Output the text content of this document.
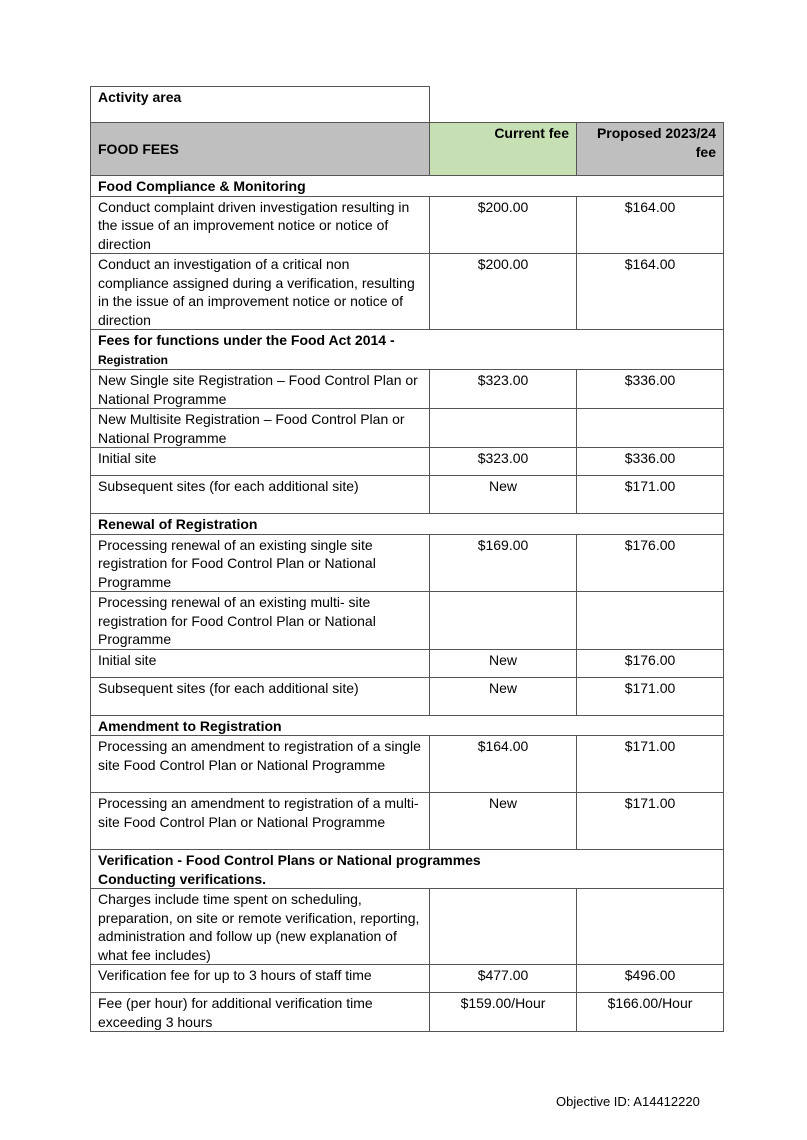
Activity area		
FOOD FEES	Current fee	Proposed 2023/24
fee
Food Compliance & Monitoring		
Conduct complaint driven investigation resulting in the issue of an improvement notice or notice of direction	$200.00	$164.00
Conduct an investigation of a critical non compliance assigned during a verification, resulting in the issue of an improvement notice or notice of direction	$200.00	$164.00
Fees for functions under the Food Act 2014 -
Registration		
New Single site Registration – Food Control Plan or National Programme	$323.00	$336.00
New Multisite Registration – Food Control Plan or National Programme		
Initial site	$323.00	$336.00
Subsequent sites (for each additional site)	New	$171.00
Renewal of Registration		
Processing renewal of an existing single site registration for Food Control Plan or National Programme	$169.00	$176.00
Processing renewal of an existing multi- site registration for Food Control Plan or National Programme		
Initial site	New	$176.00
Subsequent sites (for each additional site)	New	$171.00
Amendment to Registration		
Processing an amendment to registration of a single site Food Control Plan or National Programme	$164.00	$171.00
Processing an amendment to registration of a multi-site Food Control Plan or National Programme	New	$171.00
Verification - Food Control Plans or National programmes
Conducting verifications.		
Charges include time spent on scheduling, preparation, on site or remote verification, reporting, administration and follow up (new explanation of what fee includes)		
Verification fee for up to 3 hours of staff time	$477.00	$496.00
Fee (per hour) for additional verification time exceeding 3 hours	$159.00/Hour	$166.00/Hour
Objective ID: A14412220
